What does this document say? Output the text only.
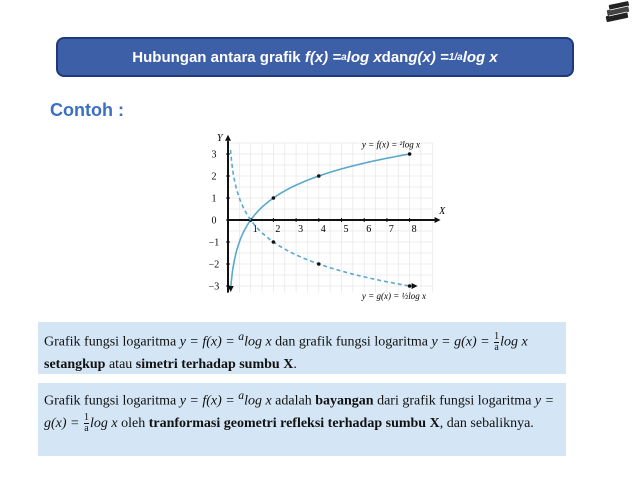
Hubungan antara grafik
f(x) = a log x dan g(x) = 1/a log x
Contoh :
X
Y
1 2 3 4 5 6 7 8
3
2
1
0
−1
−2
−3
y = f(x) = ²log x
y = g(x) = ½log x
Grafik fungsi logaritma y = f(x) = $^a$log x dan grafik fungsi logaritma $y = g(x) = \frac{1}{a}$ log x setangkup atau simetri terhadap sumbu X.
Grafik fungsi logaritma y = f(x) = $^a$log x adalah bayangan dari grafik fungsi logaritma $y = g(x) = \frac{1}{a}$ log x oleh tranformasi geometri refleksi terhadap sumbu X, dan sebaliknya.
